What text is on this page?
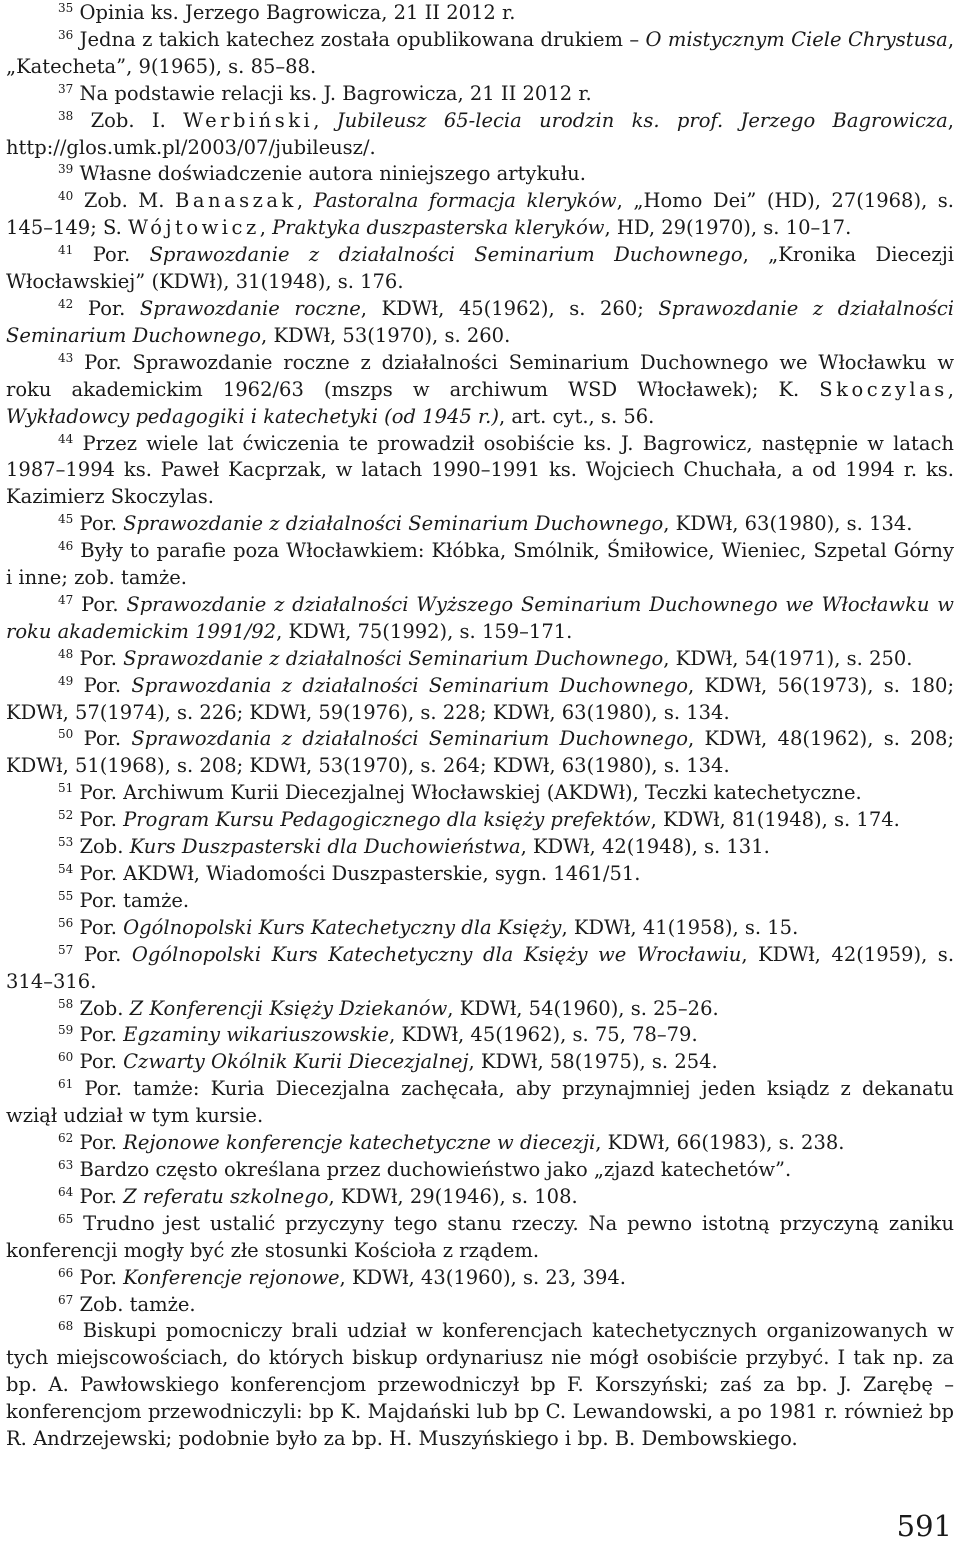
$^{35}$ Opinia ks. Jerzego Bagrowicza, 21 II 2012 r.

$^{36}$ Jedna z takich katechez została opublikowana drukiem – O mistycznym Ciele Chrystusa, „Katecheta”, 9(1965), s. 85–88.

$^{37}$ Na podstawie relacji ks. J. Bagrowicza, 21 II 2012 r.

$^{38}$ Zob. I. Werbiński, Jubileusz 65-lecia urodzin ks. prof. Jerzego Bagrowicza, http://glos.umk.pl/2003/07/jubileusz/.

$^{39}$ Własne doświadczenie autora niniejszego artykułu.

$^{40}$ Zob. M. Banaszak, Pastoralna formacja kleryków, „Homo Dei” (HD), 27(1968), s. 145–149; S. Wójtowicz, Praktyka duszpasterska kleryków, HD, 29(1970), s. 10–17.

$^{41}$ Por. Sprawozdanie z działalności Seminarium Duchownego, „Kronika Diecezji Włocławskiej” (KDWł), 31(1948), s. 176.

$^{42}$ Por. Sprawozdanie roczne, KDWł, 45(1962), s. 260; Sprawozdanie z działalności Seminarium Duchownego, KDWł, 53(1970), s. 260.

$^{43}$ Por. Sprawozdanie roczne z działalności Seminarium Duchownego we Włocławku w roku akademickim 1962/63 (mszps w archiwum WSD Włocławek); K. Skoczylas, Wykładowcy pedagogiki i katechetyki (od 1945 r.), art. cyt., s. 56.

$^{44}$ Przez wiele lat ćwiczenia te prowadził osobiście ks. J. Bagrowicz, następnie w latach 1987–1994 ks. Paweł Kacprzak, w latach 1990–1991 ks. Wojciech Chuchała, a od 1994 r. ks. Kazimierz Skoczylas.

$^{45}$ Por. Sprawozdanie z działalności Seminarium Duchownego, KDWł, 63(1980), s. 134.

$^{46}$ Były to parafie poza Włocławkiem: Kłóbka, Smólnik, Śmiłowice, Wieniec, Szpetal Górny i inne; zob. tamże.

$^{47}$ Por. Sprawozdanie z działalności Wyższego Seminarium Duchownego we Włocławku w roku akademickim 1991/92, KDWł, 75(1992), s. 159–171.

$^{48}$ Por. Sprawozdanie z działalności Seminarium Duchownego, KDWł, 54(1971), s. 250.

$^{49}$ Por. Sprawozdania z działalności Seminarium Duchownego, KDWł, 56(1973), s. 180; KDWł, 57(1974), s. 226; KDWł, 59(1976), s. 228; KDWł, 63(1980), s. 134.

$^{50}$ Por. Sprawozdania z działalności Seminarium Duchownego, KDWł, 48(1962), s. 208; KDWł, 51(1968), s. 208; KDWł, 53(1970), s. 264; KDWł, 63(1980), s. 134.

$^{51}$ Por. Archiwum Kurii Diecezjalnej Włocławskiej (AKDWł), Teczki katechetyczne.

$^{52}$ Por. Program Kursu Pedagogicznego dla księży prefektów, KDWł, 81(1948), s. 174.

$^{53}$ Zob. Kurs Duszpasterski dla Duchowieństwa, KDWł, 42(1948), s. 131.

$^{54}$ Por. AKDWł, Wiadomości Duszpasterskie, sygn. 1461/51.

$^{55}$ Por. tamże.

$^{56}$ Por. Ogólnopolski Kurs Katechetyczny dla Księży, KDWł, 41(1958), s. 15.

$^{57}$ Por. Ogólnopolski Kurs Katechetyczny dla Księży we Wrocławiu, KDWł, 42(1959), s. 314–316.

$^{58}$ Zob. Z Konferencji Księży Dziekanów, KDWł, 54(1960), s. 25–26.

$^{59}$ Por. Egzaminy wikariuszowskie, KDWł, 45(1962), s. 75, 78–79.

$^{60}$ Por. Czwarty Okólnik Kurii Diecezjalnej, KDWł, 58(1975), s. 254.

$^{61}$ Por. tamże: Kuria Diecezjalna zachęcała, aby przynajmniej jeden ksiądz z dekanatu wziął udział w tym kursie.

$^{62}$ Por. Rejonowe konferencje katechetyczne w diecezji, KDWł, 66(1983), s. 238.

$^{63}$ Bardzo często określana przez duchowieństwo jako „zjazd katechetów”.

$^{64}$ Por. Z referatu szkolnego, KDWł, 29(1946), s. 108.

$^{65}$ Trudno jest ustalić przyczyny tego stanu rzeczy. Na pewno istotną przyczyną zaniku konferencji mogły być złe stosunki Kościoła z rządem.

$^{66}$ Por. Konferencje rejonowe, KDWł, 43(1960), s. 23, 394.

$^{67}$ Zob. tamże.

$^{68}$ Biskupi pomocniczy brali udział w konferencjach katechetycznych organizowanych w tych miejscowościach, do których biskup ordynariusz nie mógł osobiście przybyć. I tak np. za bp. A. Pawłowskiego konferencjom przewodniczył bp F. Korszyński; zaś za bp. J. Zarębę – konferencjom przewodniczyli: bp K. Majdański lub bp C. Lewandowski, a po 1981 r. również bp R. Andrzejewski; podobnie było za bp. H. Muszyńskiego i bp. B. Dembowskiego.

591
